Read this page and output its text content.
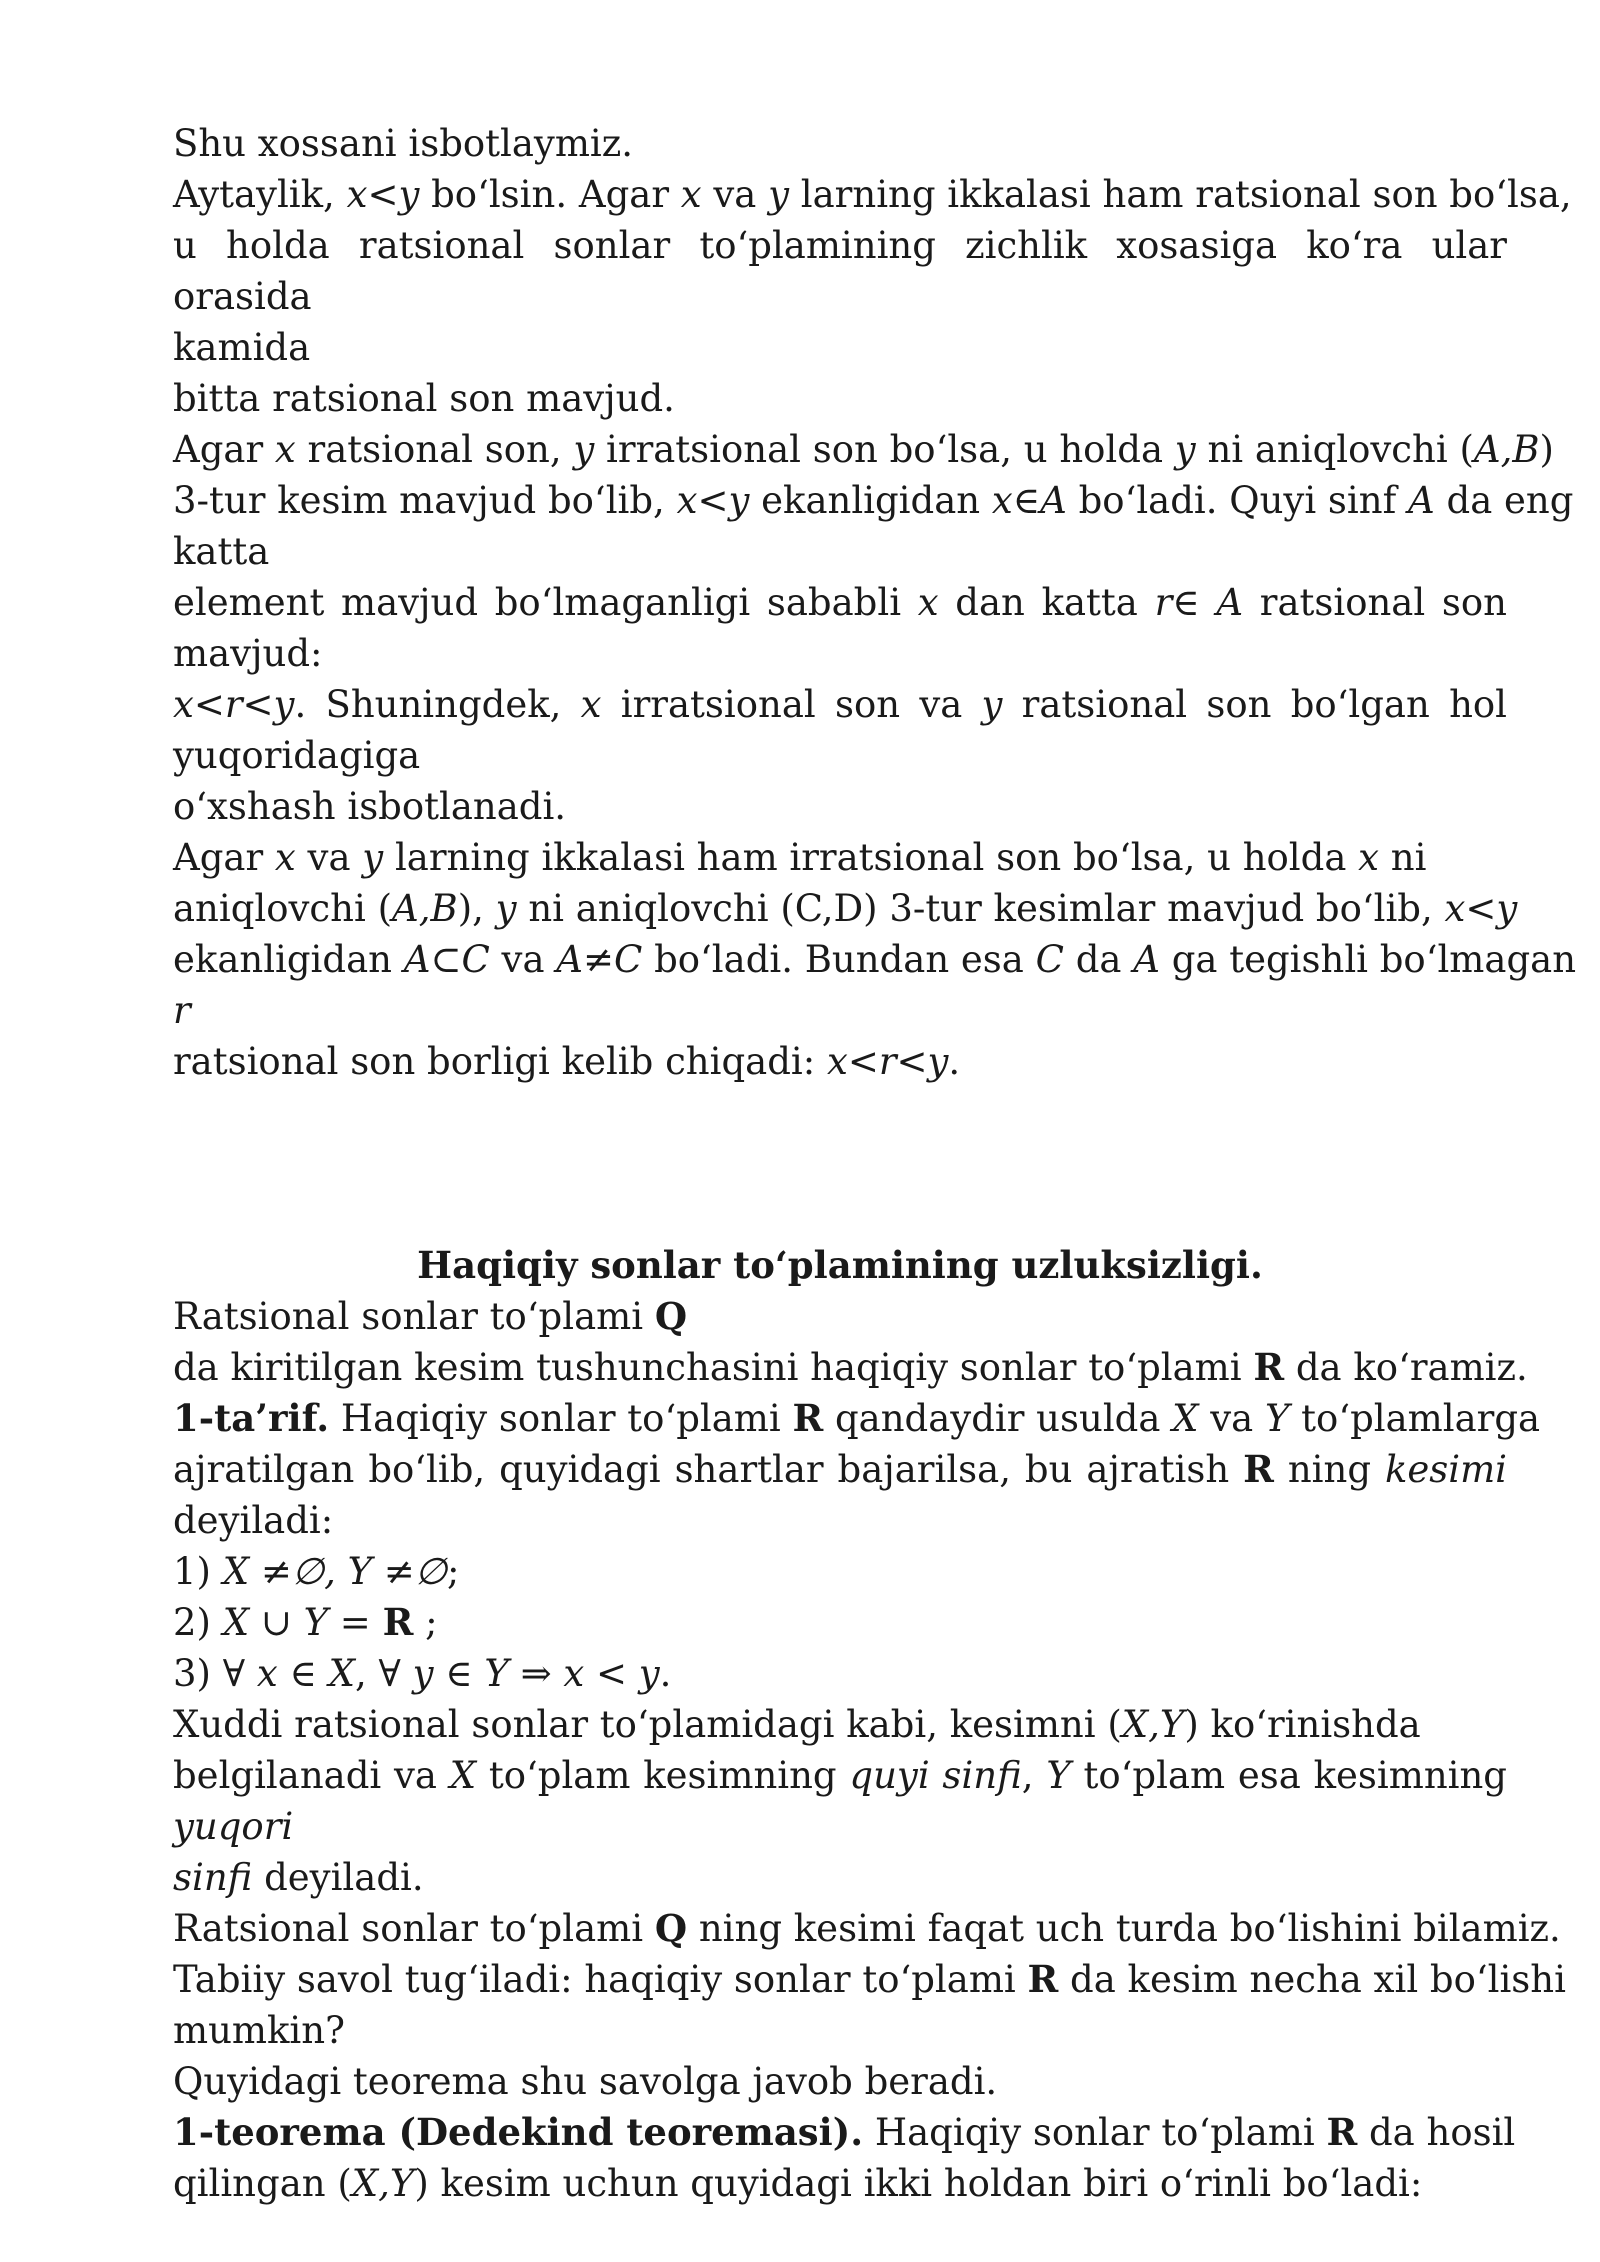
Shu xossani isbotlaymiz.
Aytaylik, x<y bo‘lsin. Agar x va y larning ikkalasi ham ratsional son bo‘lsa,
u holda ratsional sonlar to‘plamining zichlik xosasiga ko‘ra ular orasida
kamida
bitta ratsional son mavjud.
Agar x ratsional son, y irratsional son bo‘lsa, u holda y ni aniqlovchi (A,B)
3-tur kesim mavjud bo‘lib, x<y ekanligidan x∈A bo‘ladi. Quyi sinf A da eng
katta
element mavjud bo‘lmaganligi sababli x dan katta r∈ A ratsional son
mavjud:
x<r<y. Shuningdek, x irratsional son va y ratsional son bo‘lgan hol
yuqoridagiga
o‘xshash isbotlanadi.
Agar x va y larning ikkalasi ham irratsional son bo‘lsa, u holda x ni
aniqlovchi (A,B), y ni aniqlovchi (C,D) 3-tur kesimlar mavjud bo‘lib, x<y
ekanligidan A⊂C va A≠C bo‘ladi. Bundan esa C da A ga tegishli bo‘lmagan
r
ratsional son borligi kelib chiqadi: x<r<y.
Haqiqiy sonlar to‘plamining uzluksizligi.
Ratsional sonlar to‘plami Q
da kiritilgan kesim tushunchasini haqiqiy sonlar to‘plami R da ko‘ramiz.
1-ta’rif. Haqiqiy sonlar to‘plami R qandaydir usulda X va Y to‘plamlarga
ajratilgan bo‘lib, quyidagi shartlar bajarilsa, bu ajratish R ning kesimi
deyiladi:
1) X ≠∅, Y ≠∅;
2) X ∪ Y = R ;
3) ∀ x ∈ X, ∀ y ∈ Y ⇒ x < y.
Xuddi ratsional sonlar to‘plamidagi kabi, kesimni (X,Y) ko‘rinishda
belgilanadi va X to‘plam kesimning quyi sinfi, Y to‘plam esa kesimning
yuqori
sinfi deyiladi.
Ratsional sonlar to‘plami Q ning kesimi faqat uch turda bo‘lishini bilamiz.
Tabiiy savol tug‘iladi: haqiqiy sonlar to‘plami R da kesim necha xil bo‘lishi
mumkin?
Quyidagi teorema shu savolga javob beradi.
1-teorema (Dedekind teoremasi). Haqiqiy sonlar to‘plami R da hosil
qilingan (X,Y) kesim uchun quyidagi ikki holdan biri o‘rinli bo‘ladi:
